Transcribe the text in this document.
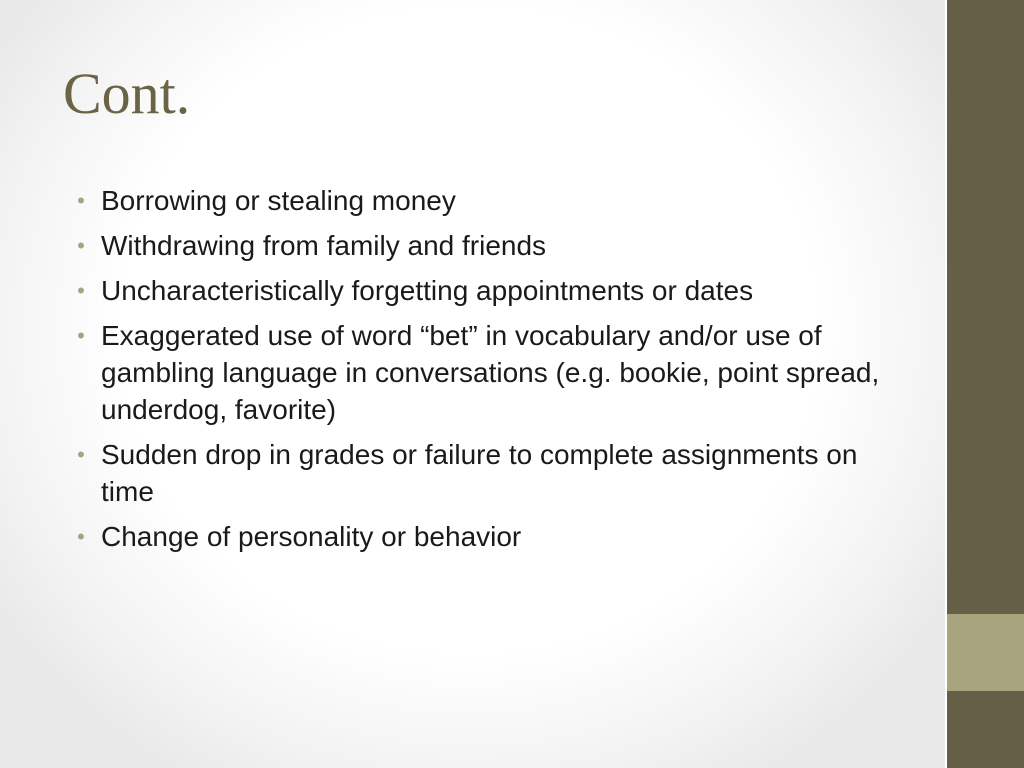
Cont.
• Borrowing or stealing money
• Withdrawing from family and friends
• Uncharacteristically forgetting appointments or dates
• Exaggerated use of word “bet” in vocabulary and/or use of gambling language in conversations (e.g. bookie, point spread, underdog, favorite)
• Sudden drop in grades or failure to complete assignments on time
• Change of personality or behavior
